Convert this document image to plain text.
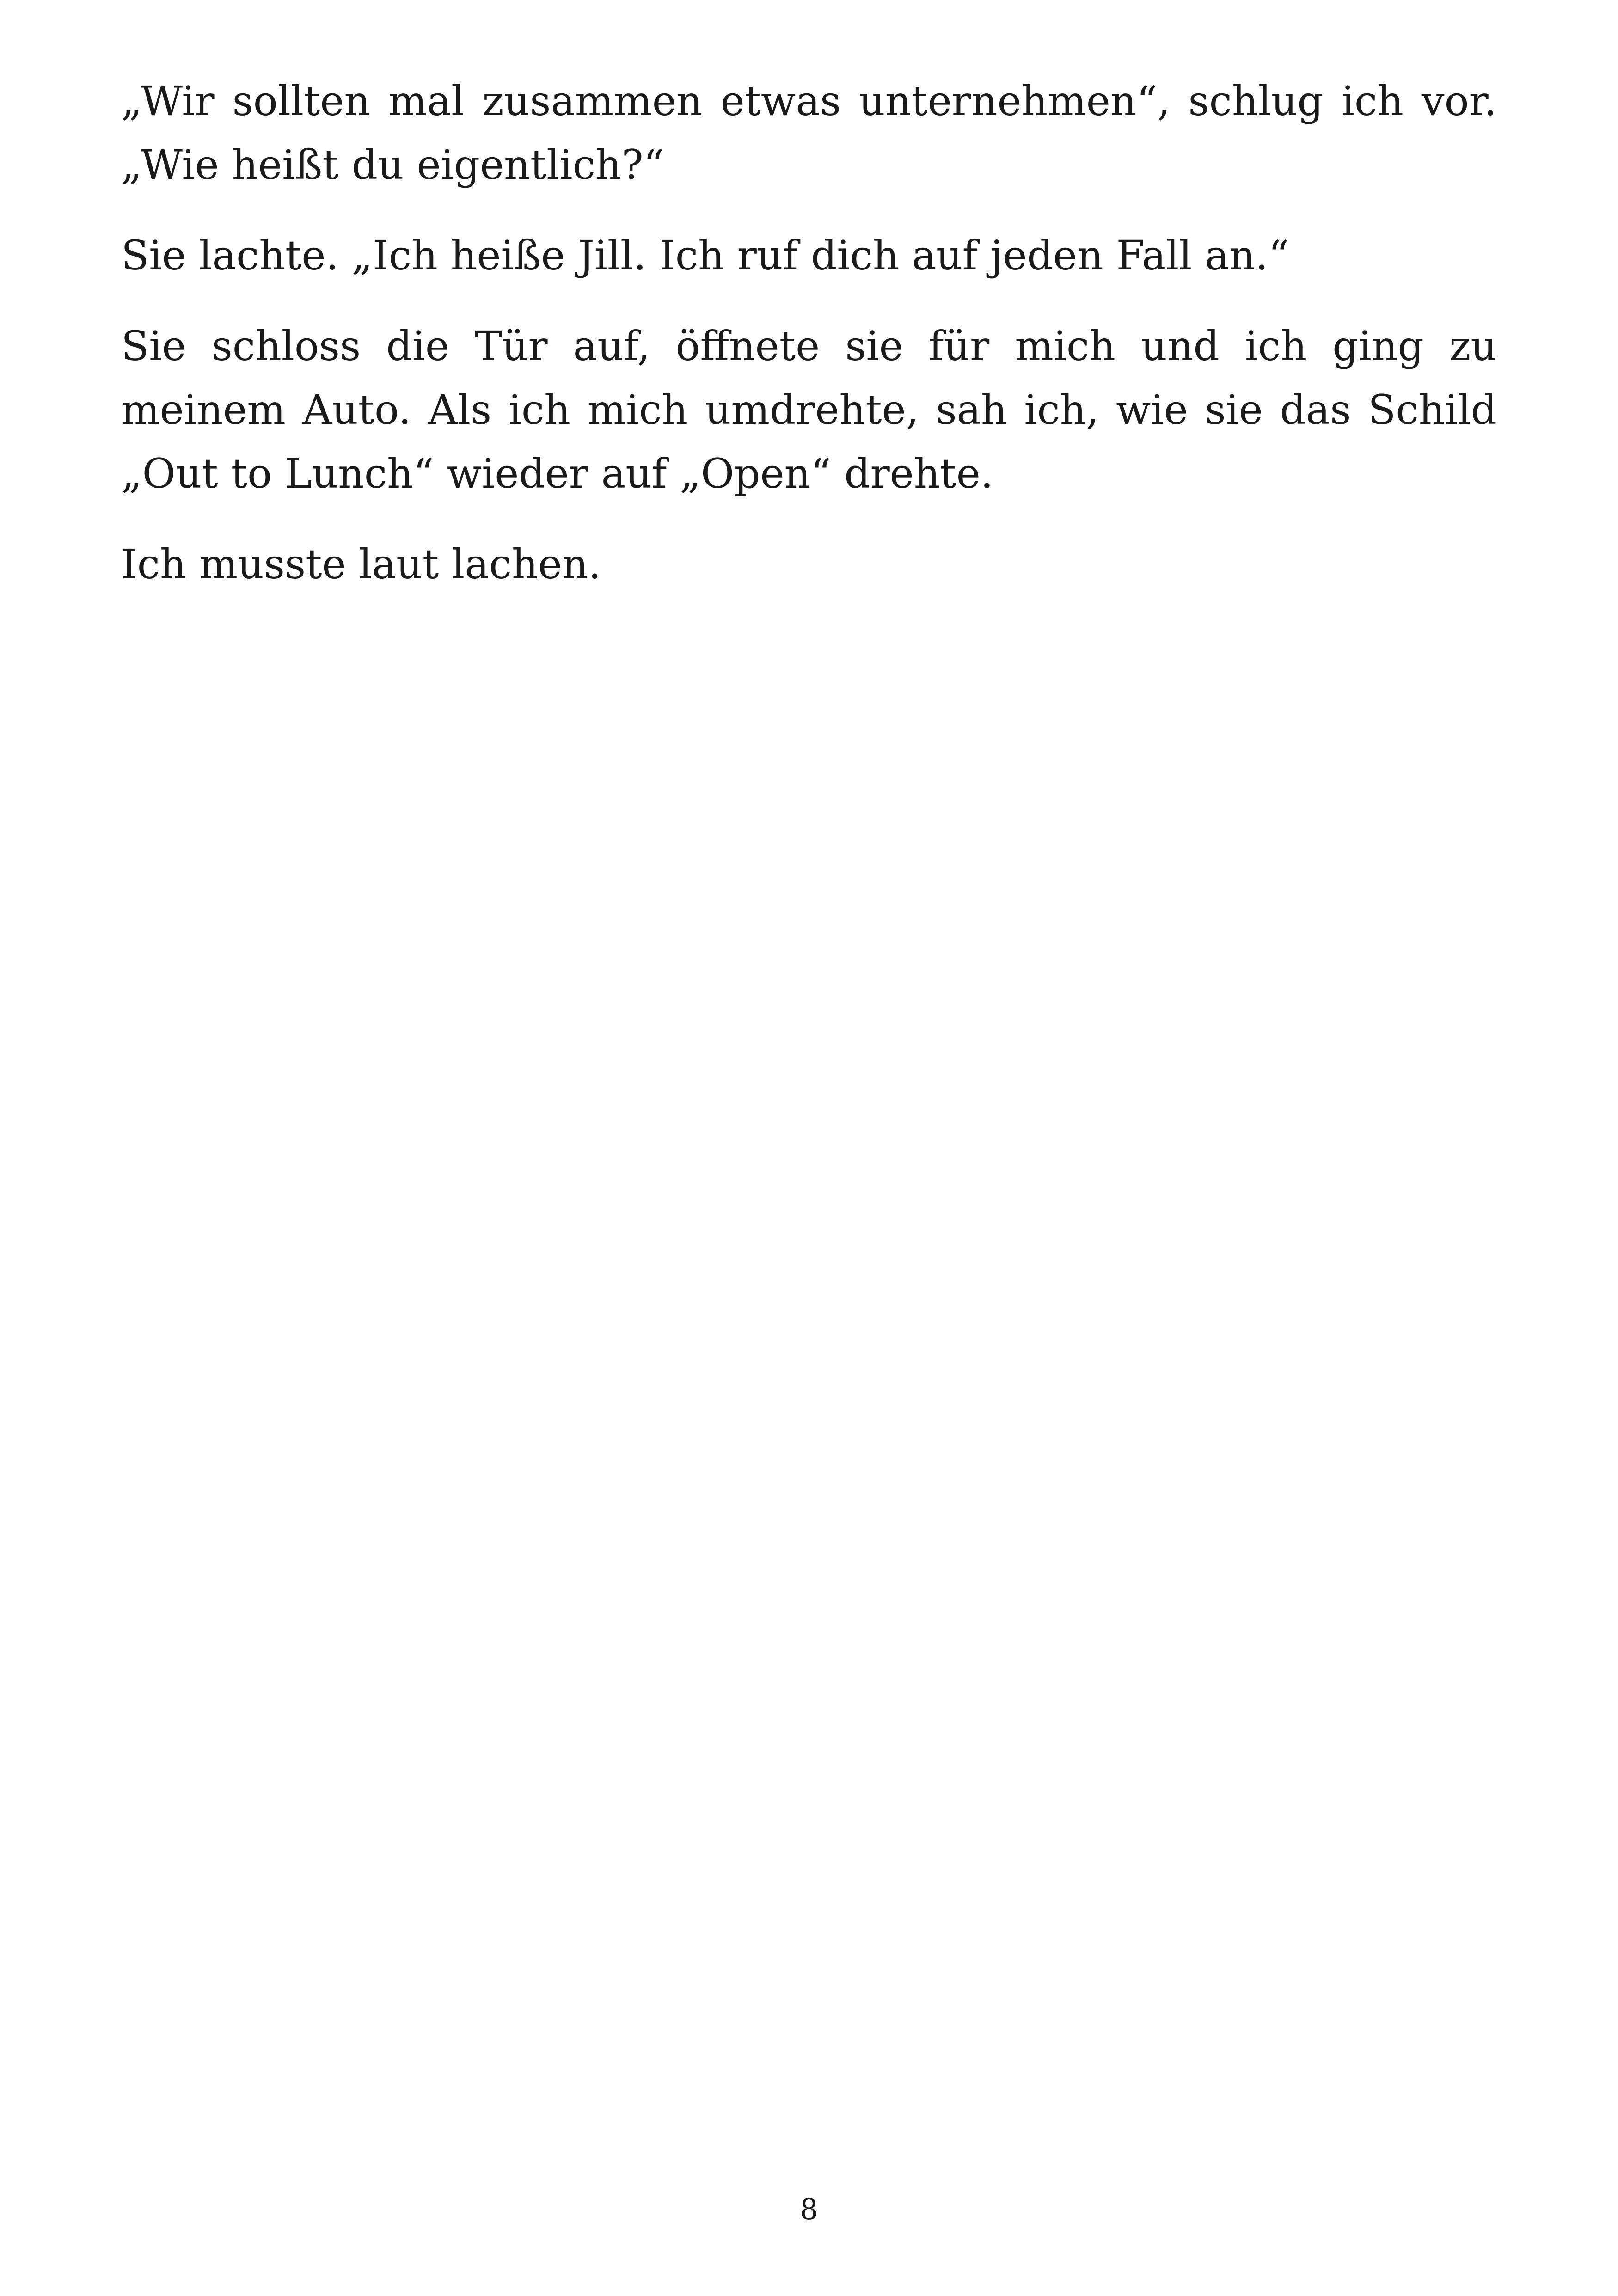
„Wir sollten mal zusammen etwas unternehmen“, schlug ich vor. „Wie heißt du eigentlich?“

Sie lachte. „Ich heiße Jill. Ich ruf dich auf jeden Fall an.“

Sie schloss die Tür auf, öffnete sie für mich und ich ging zu meinem Auto. Als ich mich umdrehte, sah ich, wie sie das Schild „Out to Lunch“ wieder auf „Open“ drehte.

Ich musste laut lachen.

8
